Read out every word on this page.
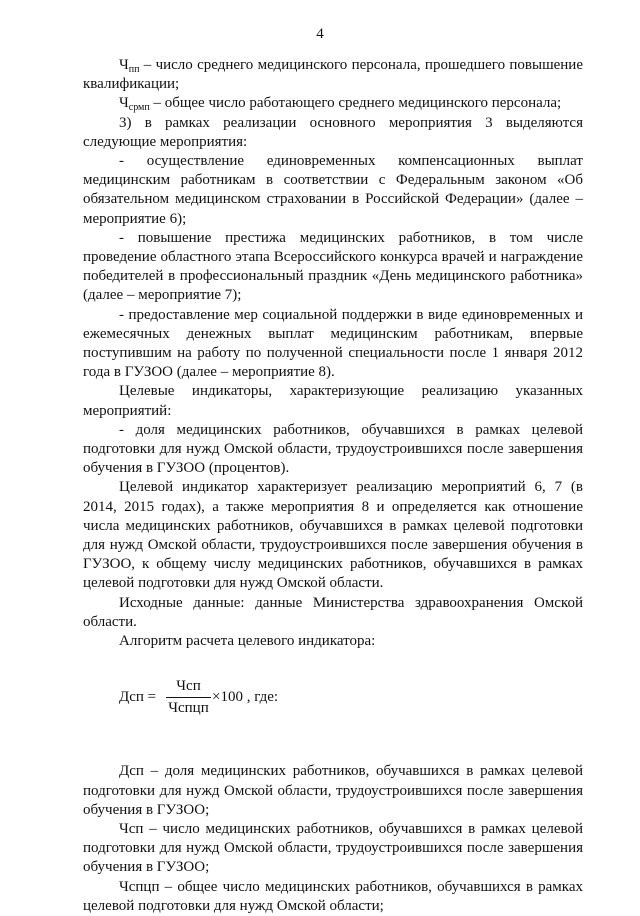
4

$Ч_{пп}$ – число среднего медицинского персонала, прошедшего повышение квалификации;

$Ч_{срмп}$ – общее число работающего среднего медицинского персонала;

3) в рамках реализации основного мероприятия 3 выделяются следующие мероприятия:

- осуществление единовременных компенсационных выплат медицинским работникам в соответствии с Федеральным законом «Об обязательном медицинском страховании в Российской Федерации» (далее – мероприятие 6);

- повышение престижа медицинских работников, в том числе проведение областного этапа Всероссийского конкурса врачей и награждение победителей в профессиональный праздник «День медицинского работника» (далее – мероприятие 7);

- предоставление мер социальной поддержки в виде единовременных и ежемесячных денежных выплат медицинским работникам, впервые поступившим на работу по полученной специальности после 1 января 2012 года в ГУЗОО (далее – мероприятие 8).

Целевые индикаторы, характеризующие реализацию указанных мероприятий:

- доля медицинских работников, обучавшихся в рамках целевой подготовки для нужд Омской области, трудоустроившихся после завершения обучения в ГУЗОО (процентов).

Целевой индикатор характеризует реализацию мероприятий 6, 7 (в 2014, 2015 годах), а также мероприятия 8 и определяется как отношение числа медицинских работников, обучавшихся в рамках целевой подготовки для нужд Омской области, трудоустроившихся после завершения обучения в ГУЗОО, к общему числу медицинских работников, обучавшихся в рамках целевой подготовки для нужд Омской области.

Исходные данные: данные Министерства здравоохранения Омской области.

Алгоритм расчета целевого индикатора:

Дсп =
Чсп
Чспцп
×100 , где:

Дсп – доля медицинских работников, обучавшихся в рамках целевой подготовки для нужд Омской области, трудоустроившихся после завершения обучения в ГУЗОО;

Чсп – число медицинских работников, обучавшихся в рамках целевой подготовки для нужд Омской области, трудоустроившихся после завершения обучения в ГУЗОО;

Чспцп – общее число медицинских работников, обучавшихся в рамках целевой подготовки для нужд Омской области;
